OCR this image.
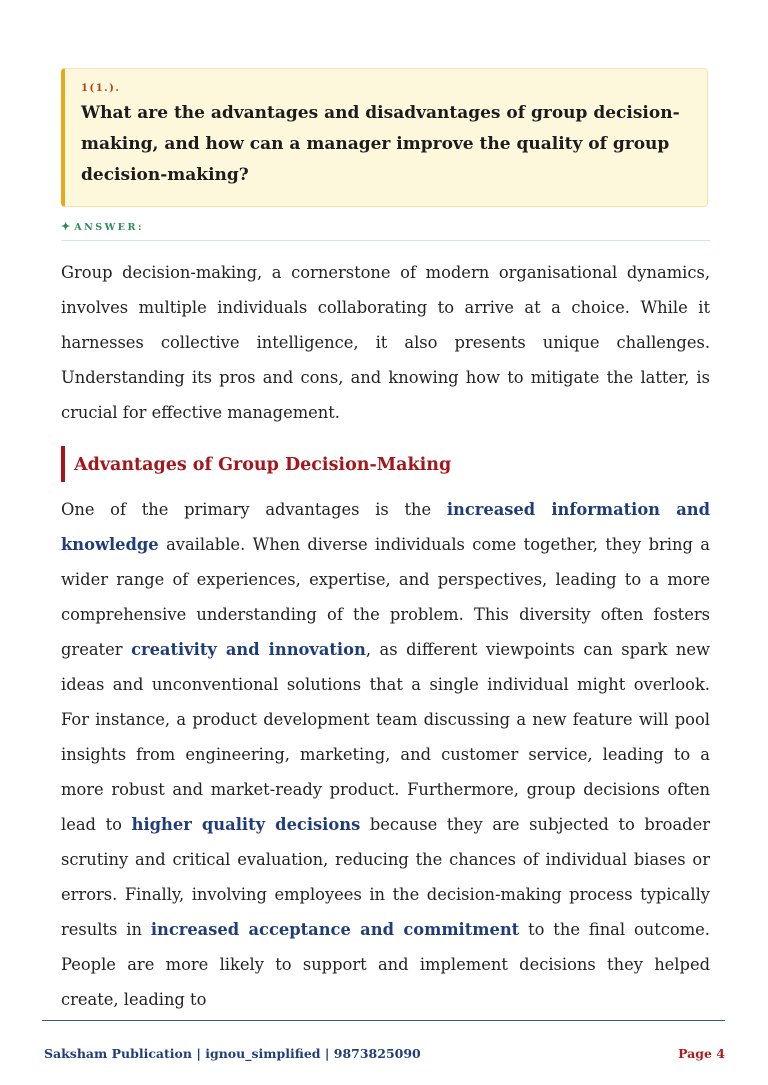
1(1.).

What are the advantages and disadvantages of group decision-making, and how can a manager improve the quality of group decision-making?

✦ ANSWER:

Group decision-making, a cornerstone of modern organisational dynamics, involves multiple individuals collaborating to arrive at a choice. While it harnesses collective intelligence, it also presents unique challenges. Understanding its pros and cons, and knowing how to mitigate the latter, is crucial for effective management.

Advantages of Group Decision-Making

One of the primary advantages is the increased information and knowledge available. When diverse individuals come together, they bring a wider range of experiences, expertise, and perspectives, leading to a more comprehensive understanding of the problem. This diversity often fosters greater creativity and innovation, as different viewpoints can spark new ideas and unconventional solutions that a single individual might overlook. For instance, a product development team discussing a new feature will pool insights from engineering, marketing, and customer service, leading to a more robust and market-ready product. Furthermore, group decisions often lead to higher quality decisions because they are subjected to broader scrutiny and critical evaluation, reducing the chances of individual biases or errors. Finally, involving employees in the decision-making process typically results in increased acceptance and commitment to the final outcome. People are more likely to support and implement decisions they helped create, leading to

Saksham Publication | ignou_simplified | 9873825090	Page 4
